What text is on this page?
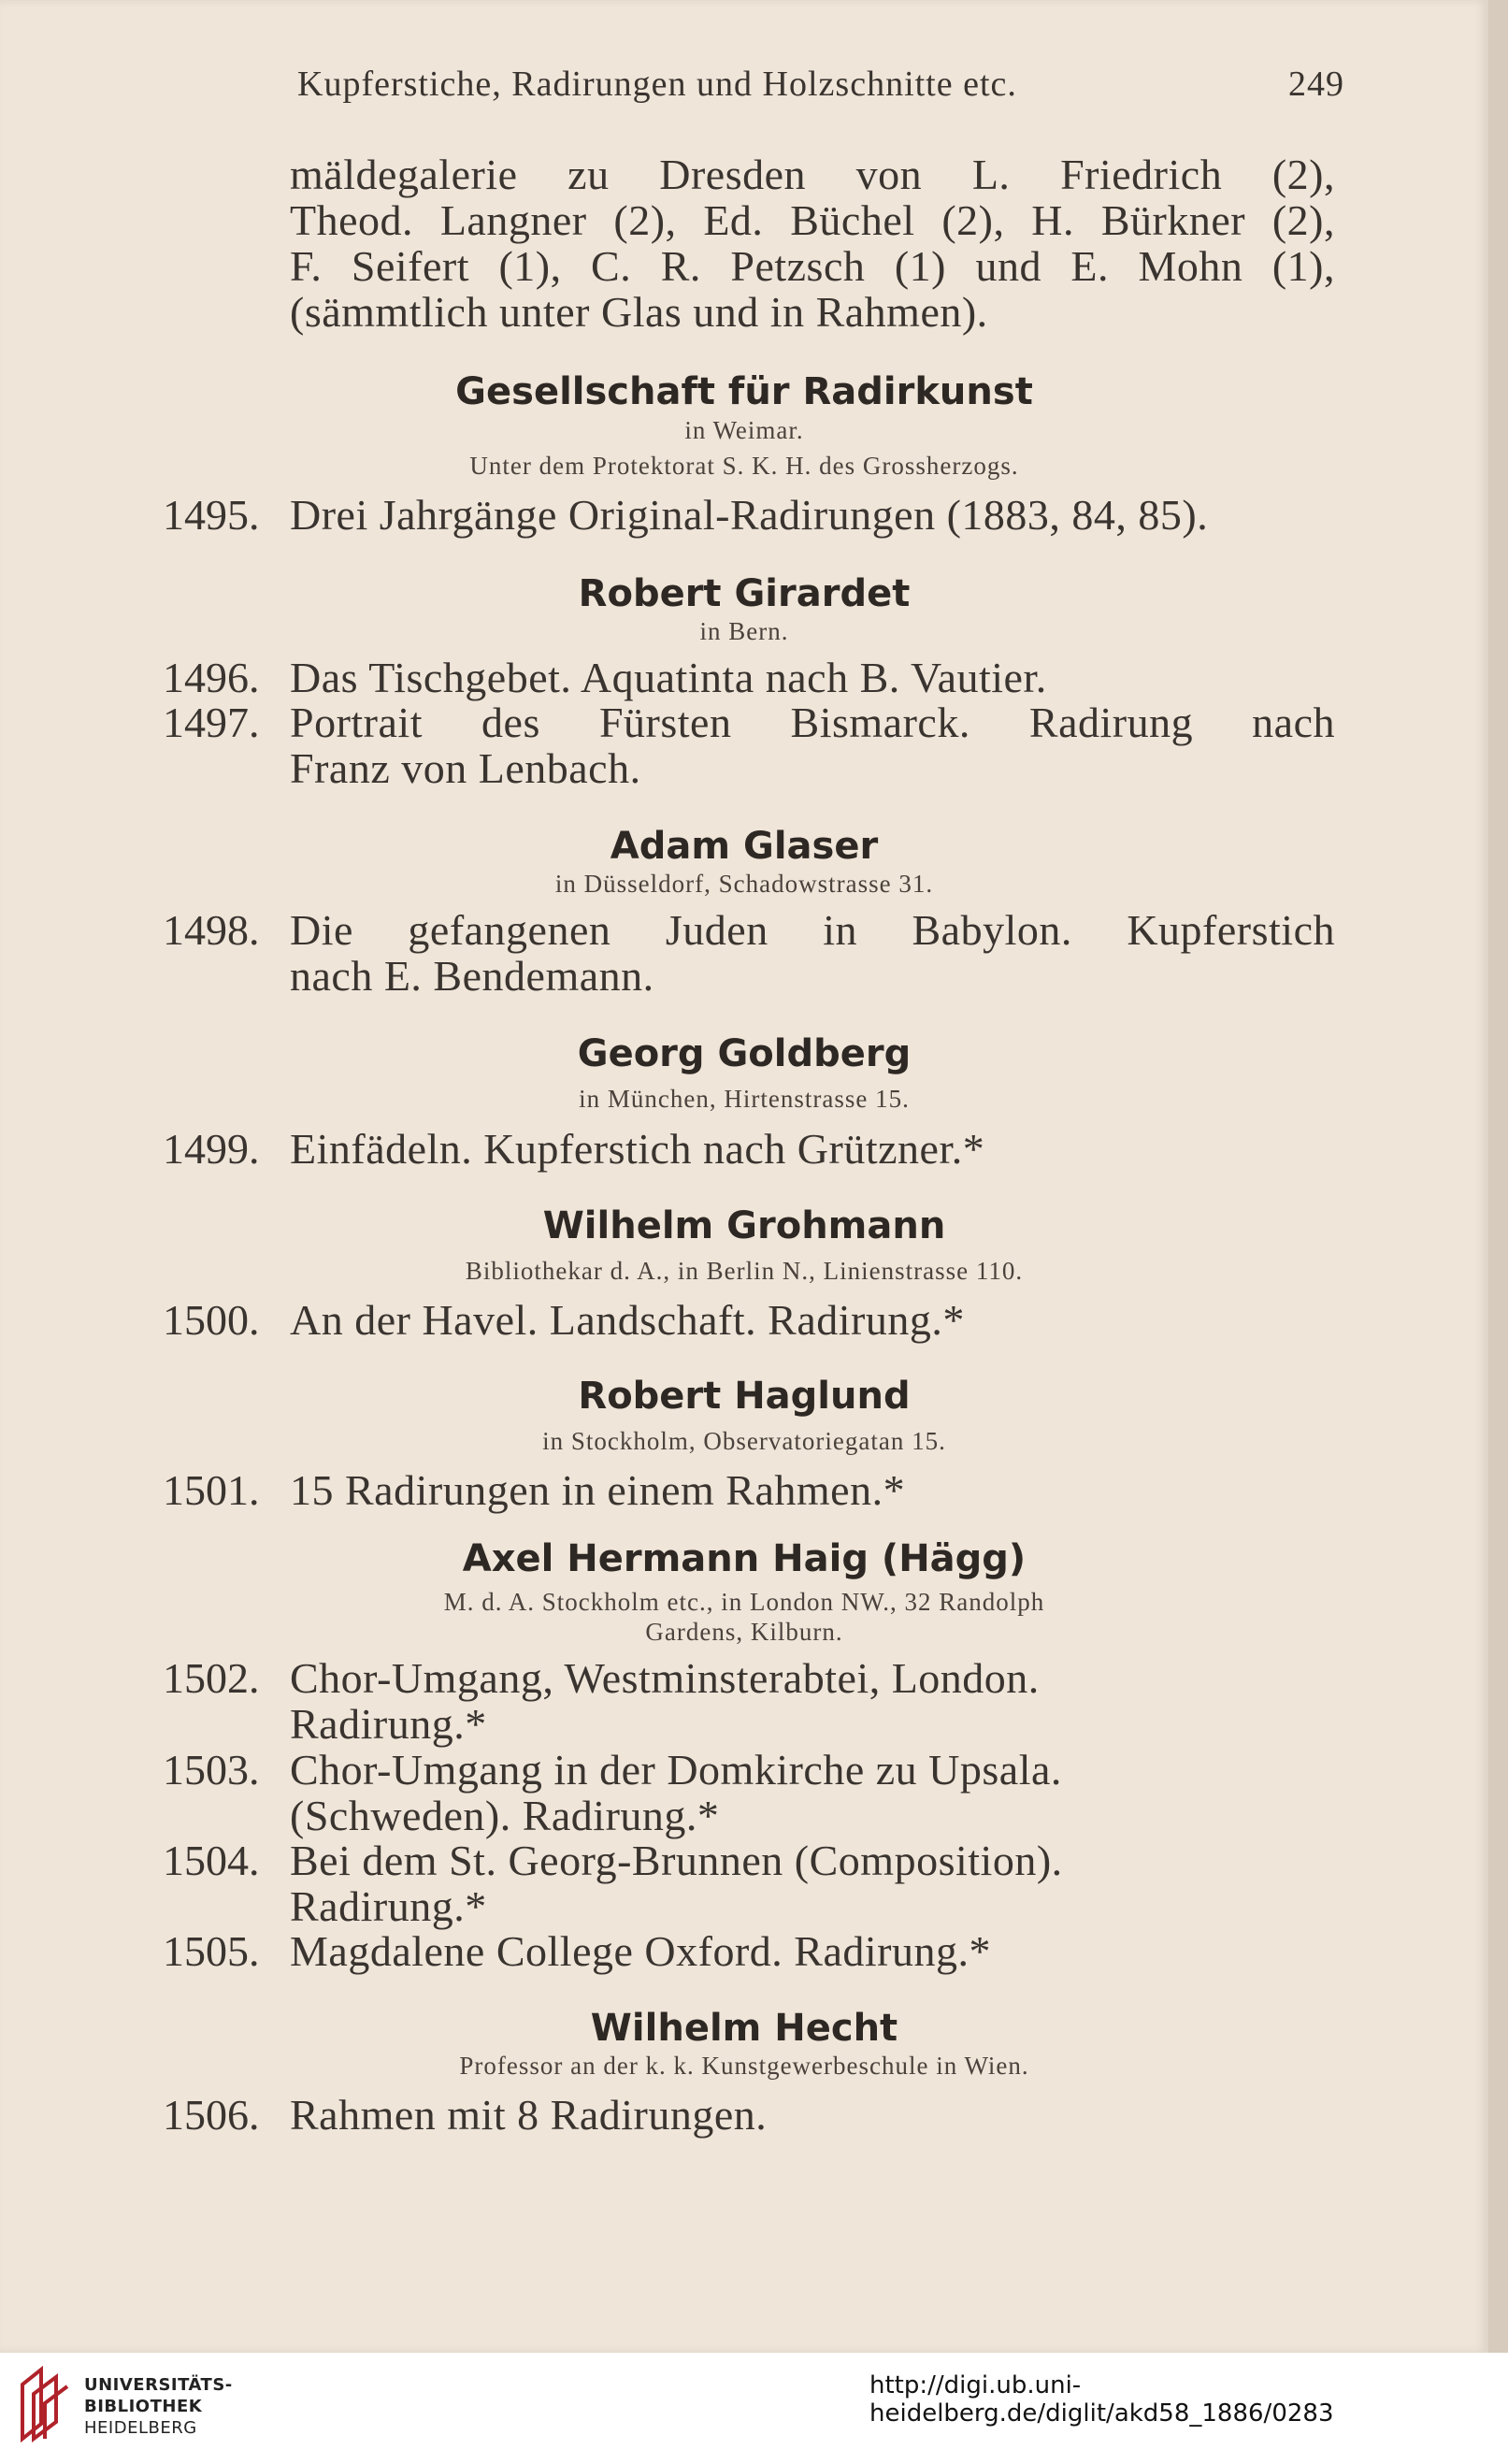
Kupferstiche, Radirungen und Holzschnitte etc.	249
mäldegalerie zu Dresden von L. Friedrich (2),
Theod. Langner (2), Ed. Büchel (2), H. Bürkner (2),
F. Seifert (1), C. R. Petzsch (1) und E. Mohn (1),
(sämmtlich unter Glas und in Rahmen).
Gesellschaft für Radirkunst
in Weimar.
Unter dem Protektorat S. K. H. des Grossherzogs.
1495. Drei Jahrgänge Original-Radirungen (1883, 84, 85).
Robert Girardet
in Bern.
1496. Das Tischgebet. Aquatinta nach B. Vautier.
1497. Portrait des Fürsten Bismarck. Radirung nach
Franz von Lenbach.
Adam Glaser
in Düsseldorf, Schadowstrasse 31.
1498. Die gefangenen Juden in Babylon. Kupferstich
nach E. Bendemann.
Georg Goldberg
in München, Hirtenstrasse 15.
1499. Einfädeln. Kupferstich nach Grützner.*
Wilhelm Grohmann
Bibliothekar d. A., in Berlin N., Linienstrasse 110.
1500. An der Havel. Landschaft. Radirung.*
Robert Haglund
in Stockholm, Observatoriegatan 15.
1501. 15 Radirungen in einem Rahmen.*
Axel Hermann Haig (Hägg)
M. d. A. Stockholm etc., in London NW., 32 Randolph
Gardens, Kilburn.
1502. Chor-Umgang, Westminsterabtei, London.
Radirung.*
1503. Chor-Umgang in der Domkirche zu Upsala.
(Schweden). Radirung.*
1504. Bei dem St. Georg-Brunnen (Composition).
Radirung.*
1505. Magdalene College Oxford. Radirung.*
Wilhelm Hecht
Professor an der k. k. Kunstgewerbeschule in Wien.
1506. Rahmen mit 8 Radirungen.
UNIVERSITÄTS-
BIBLIOTHEK
HEIDELBERG
http://digi.ub.uni-heidelberg.de/diglit/akd58_1886/0283
